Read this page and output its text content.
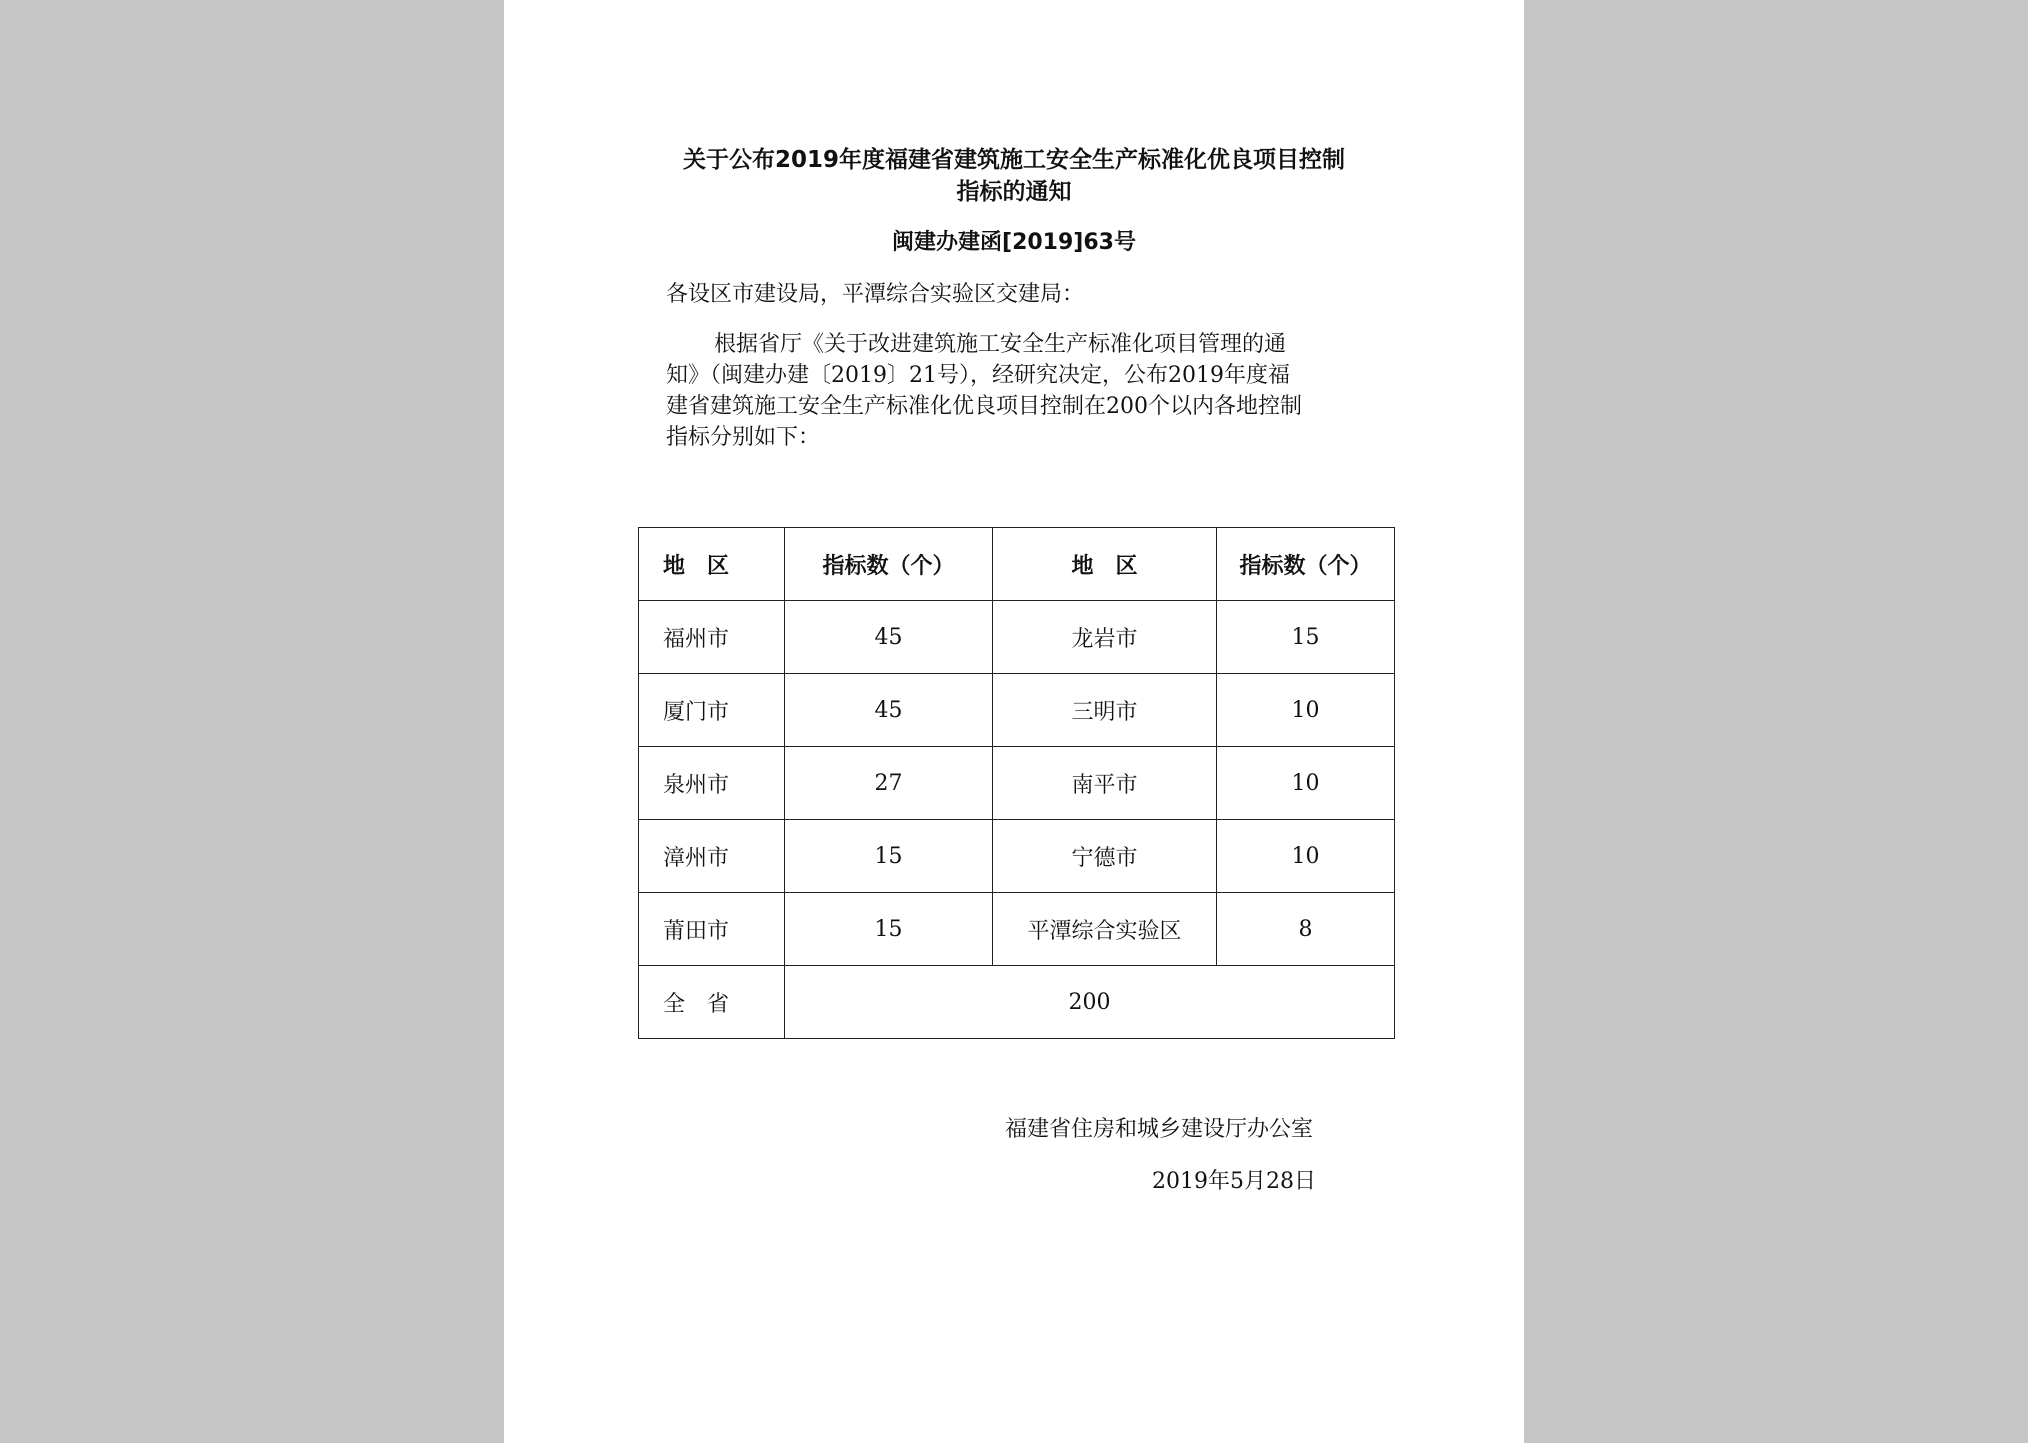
关于公布2019年度福建省建筑施工安全生产标准化优良项目控制
指标的通知
闽建办建函[2019]63号
各设区市建设局，平潭综合实验区交建局：
根据省厅《关于改进建筑施工安全生产标准化项目管理的通
知》（闽建办建〔2019〕21号），经研究决定，公布2019年度福
建省建筑施工安全生产标准化优良项目控制在200个以内各地控制
指标分别如下：
地　区	指标数（个）	地　区	指标数（个）
福州市	45	龙岩市	15
厦门市	45	三明市	10
泉州市	27	南平市	10
漳州市	15	宁德市	10
莆田市	15	平潭综合实验区	8
全　省	200		
福建省住房和城乡建设厅办公室
2019年5月28日
